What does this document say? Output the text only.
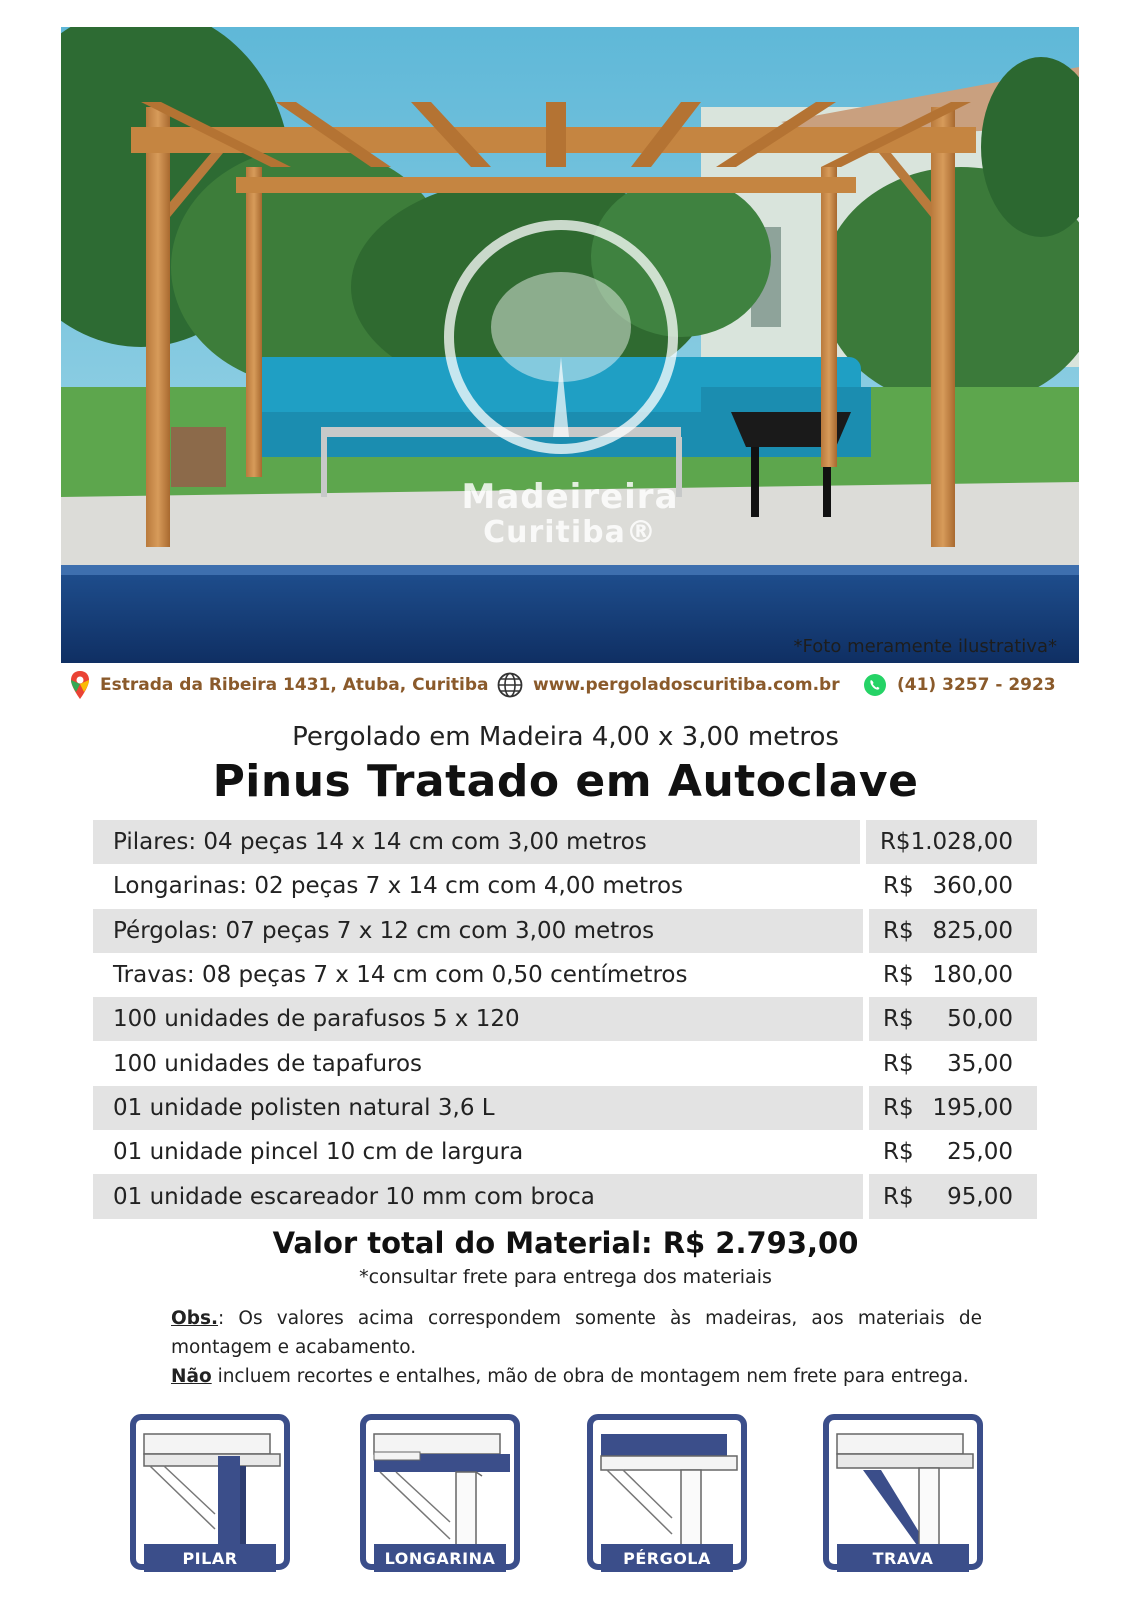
Madeireira
Curitiba®
*Foto meramente ilustrativa*
Estrada da Ribeira 1431, Atuba, Curitiba	www.pergoladoscuritiba.com.br	(41) 3257 - 2923
Pergolado em Madeira 4,00 x 3,00 metros
Pinus Tratado em Autoclave
Pilares: 04 peças 14 x 14 cm com 3,00 metros	R$ 1.028,00
Longarinas: 02 peças 7 x 14 cm com 4,00 metros	R$ 360,00
Pérgolas: 07 peças 7 x 12 cm com 3,00 metros	R$ 825,00
Travas: 08 peças 7 x 14 cm com 0,50 centímetros	R$ 180,00
100 unidades de parafusos 5 x 120	R$ 50,00
100 unidades de tapafuros	R$ 35,00
01 unidade polisten natural 3,6 L	R$ 195,00
01 unidade pincel 10 cm de largura	R$ 25,00
01 unidade escareador 10 mm com broca	R$ 95,00
Valor total do Material: R$ 2.793,00
*consultar frete para entrega dos materiais
Obs.: Os valores acima correspondem somente às madeiras, aos materiais de montagem e acabamento.
Não incluem recortes e entalhes, mão de obra de montagem nem frete para entrega.
PILAR	LONGARINA	PÉRGOLA	TRAVA
